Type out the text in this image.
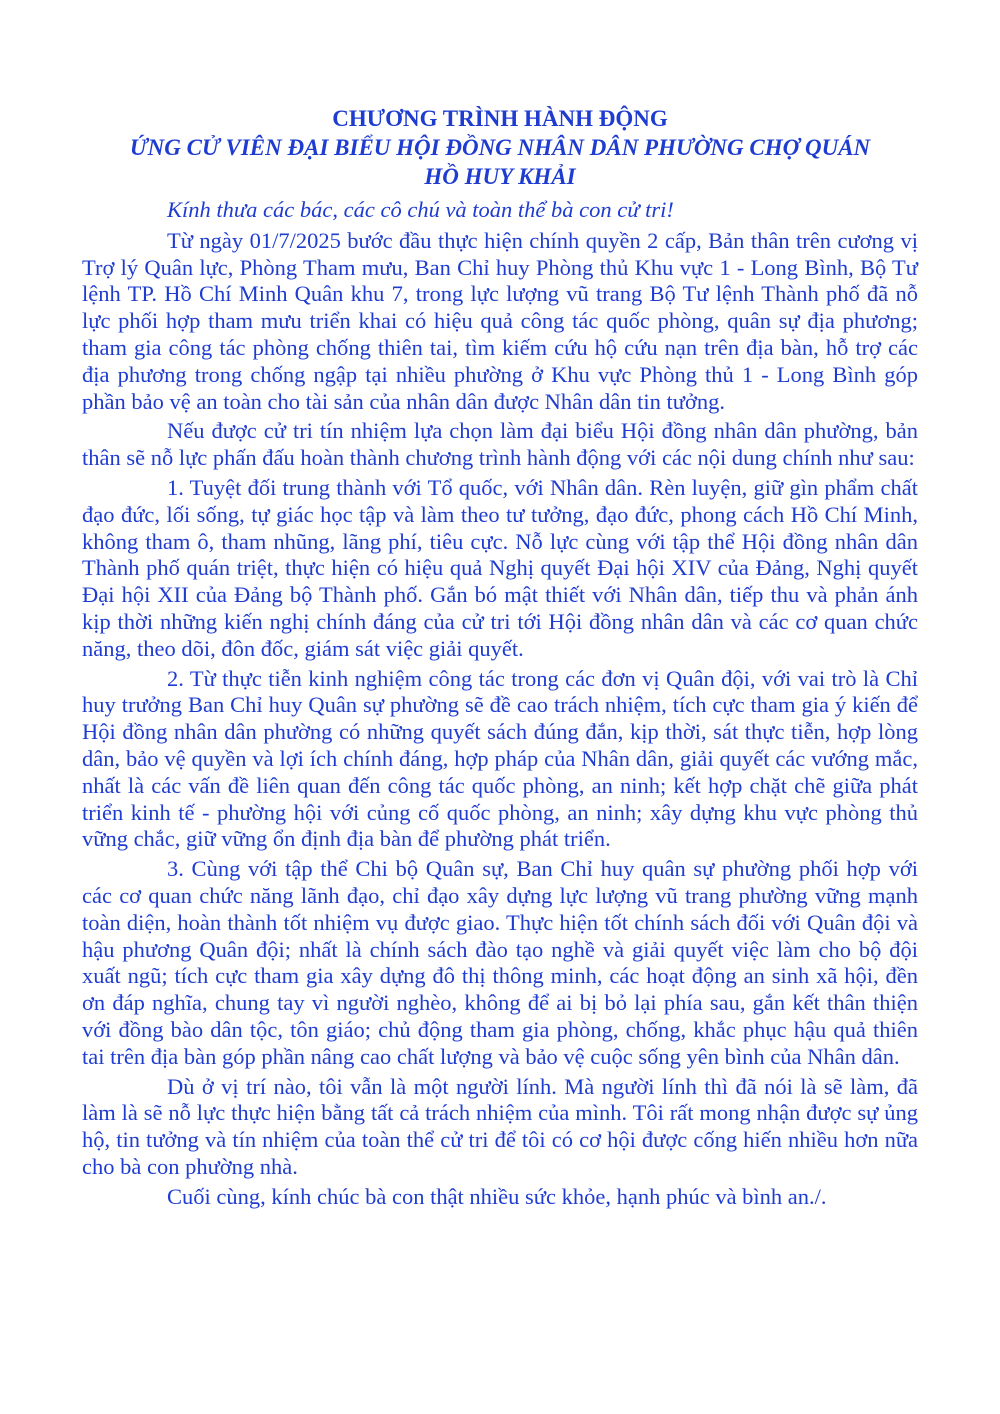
CHƯƠNG TRÌNH HÀNH ĐỘNG
ỨNG CỬ VIÊN ĐẠI BIỂU HỘI ĐỒNG NHÂN DÂN PHƯỜNG CHỢ QUÁN
HỒ HUY KHẢI

Kính thưa các bác, các cô chú và toàn thể bà con cử tri!

Từ ngày 01/7/2025 bước đầu thực hiện chính quyền 2 cấp, Bản thân trên cương vị Trợ lý Quân lực, Phòng Tham mưu, Ban Chỉ huy Phòng thủ Khu vực 1 - Long Bình, Bộ Tư lệnh TP. Hồ Chí Minh Quân khu 7, trong lực lượng vũ trang Bộ Tư lệnh Thành phố đã nỗ lực phối hợp tham mưu triển khai có hiệu quả công tác quốc phòng, quân sự địa phương; tham gia công tác phòng chống thiên tai, tìm kiếm cứu hộ cứu nạn trên địa bàn, hỗ trợ các địa phương trong chống ngập tại nhiều phường ở Khu vực Phòng thủ 1 - Long Bình góp phần bảo vệ an toàn cho tài sản của nhân dân được Nhân dân tin tưởng.

Nếu được cử tri tín nhiệm lựa chọn làm đại biểu Hội đồng nhân dân phường, bản thân sẽ nỗ lực phấn đấu hoàn thành chương trình hành động với các nội dung chính như sau:

1. Tuyệt đối trung thành với Tổ quốc, với Nhân dân. Rèn luyện, giữ gìn phẩm chất đạo đức, lối sống, tự giác học tập và làm theo tư tưởng, đạo đức, phong cách Hồ Chí Minh, không tham ô, tham nhũng, lãng phí, tiêu cực. Nỗ lực cùng với tập thể Hội đồng nhân dân Thành phố quán triệt, thực hiện có hiệu quả Nghị quyết Đại hội XIV của Đảng, Nghị quyết Đại hội XII của Đảng bộ Thành phố. Gắn bó mật thiết với Nhân dân, tiếp thu và phản ánh kịp thời những kiến nghị chính đáng của cử tri tới Hội đồng nhân dân và các cơ quan chức năng, theo dõi, đôn đốc, giám sát việc giải quyết.

2. Từ thực tiễn kinh nghiệm công tác trong các đơn vị Quân đội, với vai trò là Chỉ huy trưởng Ban Chỉ huy Quân sự phường sẽ đề cao trách nhiệm, tích cực tham gia ý kiến để Hội đồng nhân dân phường có những quyết sách đúng đắn, kịp thời, sát thực tiễn, hợp lòng dân, bảo vệ quyền và lợi ích chính đáng, hợp pháp của Nhân dân, giải quyết các vướng mắc, nhất là các vấn đề liên quan đến công tác quốc phòng, an ninh; kết hợp chặt chẽ giữa phát triển kinh tế - phường hội với củng cố quốc phòng, an ninh; xây dựng khu vực phòng thủ vững chắc, giữ vững ổn định địa bàn để phường phát triển.

3. Cùng với tập thể Chi bộ Quân sự, Ban Chỉ huy quân sự phường phối hợp với các cơ quan chức năng lãnh đạo, chỉ đạo xây dựng lực lượng vũ trang phường vững mạnh toàn diện, hoàn thành tốt nhiệm vụ được giao. Thực hiện tốt chính sách đối với Quân đội và hậu phương Quân đội; nhất là chính sách đào tạo nghề và giải quyết việc làm cho bộ đội xuất ngũ; tích cực tham gia xây dựng đô thị thông minh, các hoạt động an sinh xã hội, đền ơn đáp nghĩa, chung tay vì người nghèo, không để ai bị bỏ lại phía sau, gắn kết thân thiện với đồng bào dân tộc, tôn giáo; chủ động tham gia phòng, chống, khắc phục hậu quả thiên tai trên địa bàn góp phần nâng cao chất lượng và bảo vệ cuộc sống yên bình của Nhân dân.

Dù ở vị trí nào, tôi vẫn là một người lính. Mà người lính thì đã nói là sẽ làm, đã làm là sẽ nỗ lực thực hiện bằng tất cả trách nhiệm của mình. Tôi rất mong nhận được sự ủng hộ, tin tưởng và tín nhiệm của toàn thể cử tri để tôi có cơ hội được cống hiến nhiều hơn nữa cho bà con phường nhà.

Cuối cùng, kính chúc bà con thật nhiều sức khỏe, hạnh phúc và bình an./.
